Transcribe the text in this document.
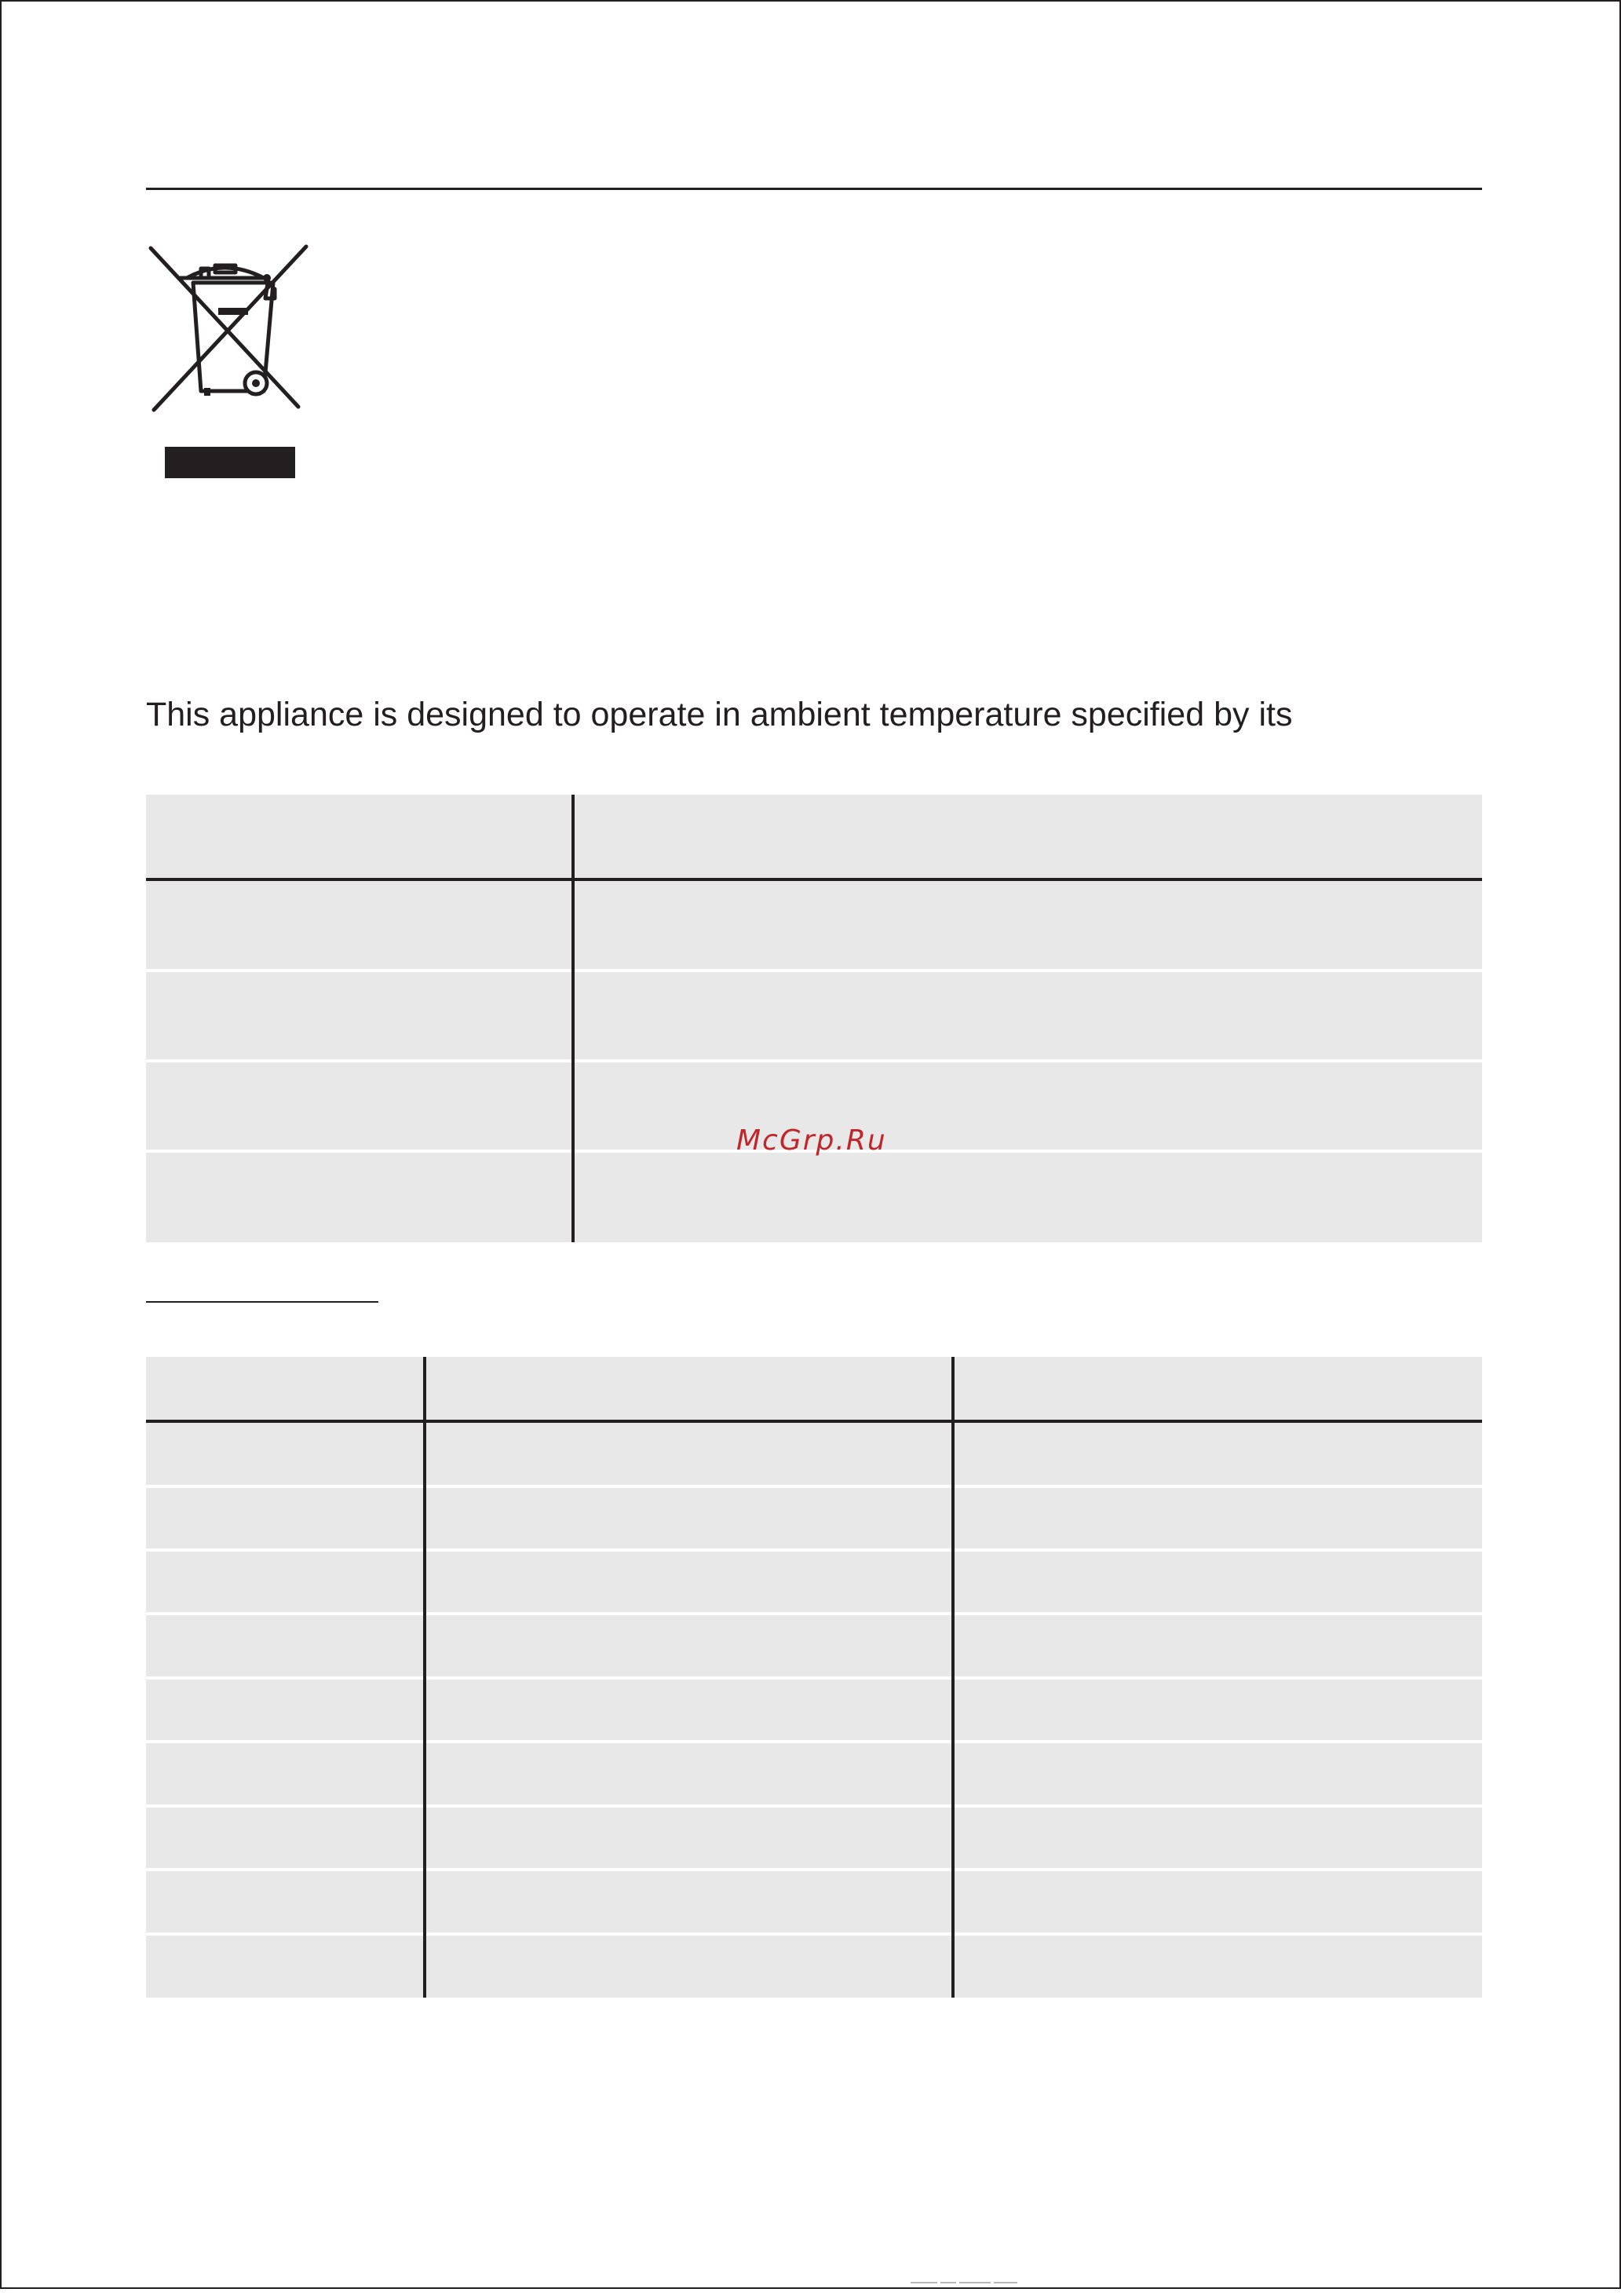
This appliance is designed to operate in ambient temperature specified by its
McGrp.Ru
